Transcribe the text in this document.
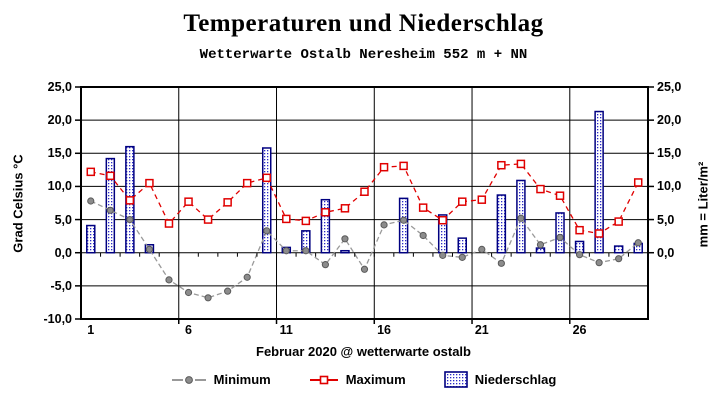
Temperaturen und Niederschlag
Wetterwarte Ostalb Neresheim 552 m + NN
25,0
20,0
15,0
10,0
5,0
0,0
-5,0
-10,0
25,0
20,0
15,0
10,0
5,0
0,0
1	6	11	16	21	26
Grad Celsius °C	mm = Liter/m²
Februar 2020 @ wetterwarte ostalb
Minimum	Maximum	Niederschlag
